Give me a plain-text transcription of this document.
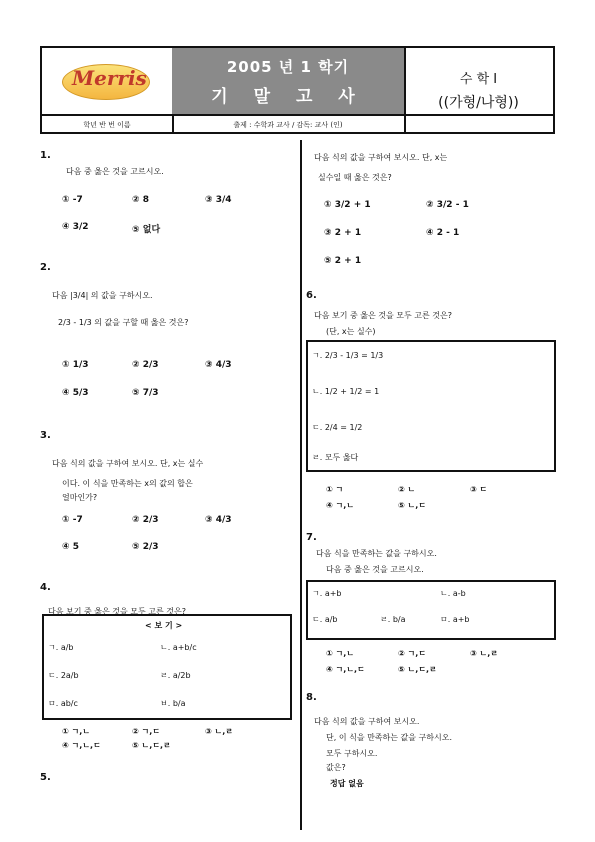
Merris	2005 년 1 학기
기 말 고 사
수 학 I
((가형/나형))
학년 반 번 이름	출제 : 수학과 교사 / 감독: 교사 (인)
1.
다음 중 옳은 것을 고르시오.
① -7	② 8	③ 3/4
④ 3/2	⑤ 없다
2.
다음 |3/4| 의 값을 구하시오.
2/3 - 1/3 의 값을 구할 때 옳은 것은?
① 1/3	② 2/3	③ 4/3
④ 5/3	⑤ 7/3
3.
다음 식의 값을 구하여 보시오. 단, x는 실수
이다. 이 식을 만족하는 x의 값의 합은
얼마인가?
① -7	② 2/3	③ 4/3
④ 5	⑤ 2/3
4.
다음 보기 중 옳은 것을 모두 고른 것은?
< 보 기 >
ㄱ. a/b	ㄴ. a+b/c
ㄷ. 2a/b	ㄹ. a/2b
ㅁ. ab/c	ㅂ. b/a
① ㄱ,ㄴ	② ㄱ,ㄷ	③ ㄴ,ㄹ
④ ㄱ,ㄴ,ㄷ	⑤ ㄴ,ㄷ,ㄹ
5.
다음 식의 값을 구하여 보시오. 단, x는
실수일 때 옳은 것은?
① 3/2 + 1	② 3/2 - 1
③ 2 + 1	④ 2 - 1
⑤ 2 + 1
6.
다음 보기 중 옳은 것을 모두 고른 것은?
(단, x는 실수)
ㄱ. 2/3 - 1/3 = 1/3
ㄴ. 1/2 + 1/2 = 1
ㄷ. 2/4 = 1/2
ㄹ. 모두 옳다
① ㄱ	② ㄴ	③ ㄷ
④ ㄱ,ㄴ	⑤ ㄴ,ㄷ
7.
다음 식을 만족하는 값을 구하시오.
다음 중 옳은 것을 고르시오.
ㄱ. a+b	ㄴ. a-b
ㄷ. a/b	ㄹ. b/a	ㅁ. a+b
① ㄱ,ㄴ	② ㄱ,ㄷ	③ ㄴ,ㄹ
④ ㄱ,ㄴ,ㄷ	⑤ ㄴ,ㄷ,ㄹ
8.
다음 식의 값을 구하여 보시오.
단, 이 식을 만족하는 값을 구하시오.
모두 구하시오.
값은?
정답 없음
